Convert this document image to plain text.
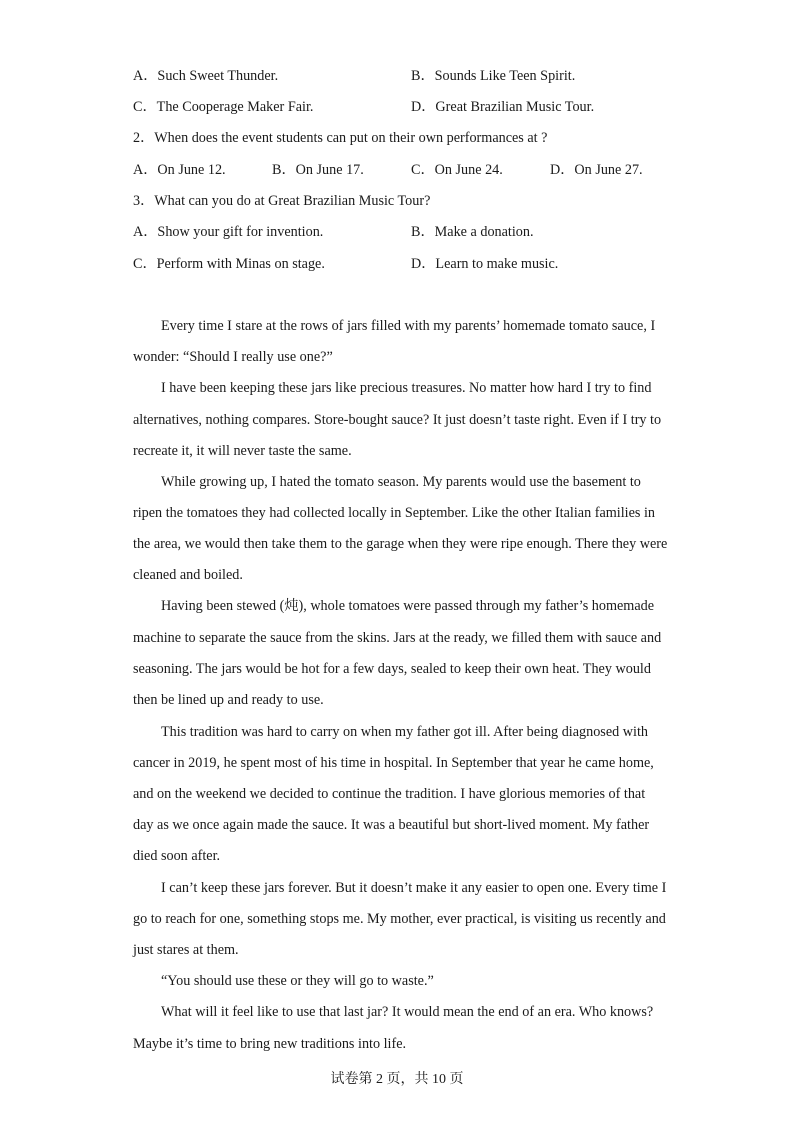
A．Such Sweet Thunder.	B．Sounds Like Teen Spirit.
C．The Cooperage Maker Fair.	D．Great Brazilian Music Tour.
2．When does the event students can put on their own performances at ?
A．On June 12.	B．On June 17.	C．On June 24.	D．On June 27.
3．What can you do at Great Brazilian Music Tour?
A．Show your gift for invention.	B．Make a donation.
C．Perform with Minas on stage.	D．Learn to make music.
Every time I stare at the rows of jars filled with my parents’ homemade tomato sauce, I
wonder: “Should I really use one?”
I have been keeping these jars like precious treasures. No matter how hard I try to find
alternatives, nothing compares. Store-bought sauce? It just doesn’t taste right. Even if I try to
recreate it, it will never taste the same.
While growing up, I hated the tomato season. My parents would use the basement to
ripen the tomatoes they had collected locally in September. Like the other Italian families in
the area, we would then take them to the garage when they were ripe enough. There they were
cleaned and boiled.
Having been stewed (炖), whole tomatoes were passed through my father’s homemade
machine to separate the sauce from the skins. Jars at the ready, we filled them with sauce and
seasoning. The jars would be hot for a few days, sealed to keep their own heat. They would
then be lined up and ready to use.
This tradition was hard to carry on when my father got ill. After being diagnosed with
cancer in 2019, he spent most of his time in hospital. In September that year he came home,
and on the weekend we decided to continue the tradition. I have glorious memories of that
day as we once again made the sauce. It was a beautiful but short-lived moment. My father
died soon after.
I can’t keep these jars forever. But it doesn’t make it any easier to open one. Every time I
go to reach for one, something stops me. My mother, ever practical, is visiting us recently and
just stares at them.
“You should use these or they will go to waste.”
What will it feel like to use that last jar? It would mean the end of an era. Who knows?
Maybe it’s time to bring new traditions into life.
试卷第 2 页，共 10 页
